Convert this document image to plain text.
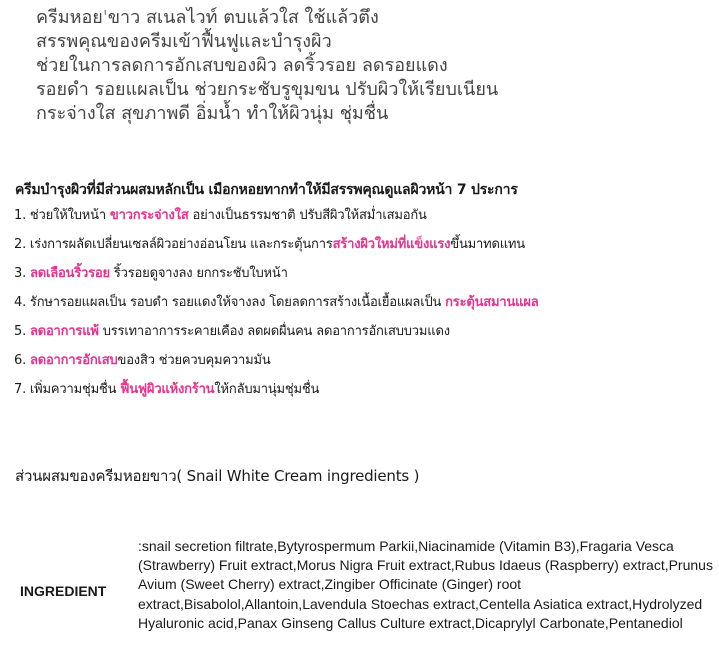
ครีมหอย'ขาว สเนลไวท์ ตบแล้วใส ใช้แล้วตึง
สรรพคุณของครีมเข้าฟื้นฟูและบำรุงผิว
ช่วยในการลดการอักเสบของผิว ลดริ้วรอย ลดรอยแดง
รอยดำ รอยแผลเป็น ช่วยกระชับรูขุมขน ปรับผิวให้เรียบเนียน
กระจ่างใส สุขภาพดี อิ่มน้ำ ทำให้ผิวนุ่ม ชุ่มชื่น
ครีมบำรุงผิวที่มีส่วนผสมหลักเป็น เมือกหอยทากทำให้มีสรรพคุณดูแลผิวหน้า 7 ประการ
1. ช่วยให้ใบหน้า ขาวกระจ่างใส อย่างเป็นธรรมชาติ ปรับสีผิวให้สม่ำเสมอกัน
2. เร่งการผลัดเปลี่ยนเซลล์ผิวอย่างอ่อนโยน และกระตุ้นการสร้างผิวใหม่ที่แข็งแรงขึ้นมาทดแทน
3. ลดเลือนริ้วรอย ริ้วรอยดูจางลง ยกกระชับใบหน้า
4. รักษารอยแผลเป็น รอบดำ รอยแดงให้จางลง โดยลดการสร้างเนื้อเยื้อแผลเป็น กระตุ้นสมานแผล
5. ลดอาการแพ้ บรรเทาอาการระคายเคือง ลดผดผื่นคน ลดอาการอักเสบบวมแดง
6. ลดอาการอักเสบของสิว ช่วยควบคุมความมัน
7. เพิ่มความชุ่มชื่น ฟื้นฟูผิวแห้งกร้านให้กลับมานุ่มชุ่มชื่น
ส่วนผสมของครีมหอยขาว( Snail White Cream ingredients )
INGREDIENT
:snail secretion filtrate,Bytyrospermum Parkii,Niacinamide (Vitamin B3),Fragaria Vesca (Strawberry) Fruit extract,Morus Nigra Fruit extract,Rubus Idaeus (Raspberry) extract,Prunus Avium (Sweet Cherry) extract,Zingiber Officinate (Ginger) root extract,Bisabolol,Allantoin,Lavendula Stoechas extract,Centella Asiatica extract,Hydrolyzed Hyaluronic acid,Panax Ginseng Callus Culture extract,Dicaprylyl Carbonate,Pentanediol
